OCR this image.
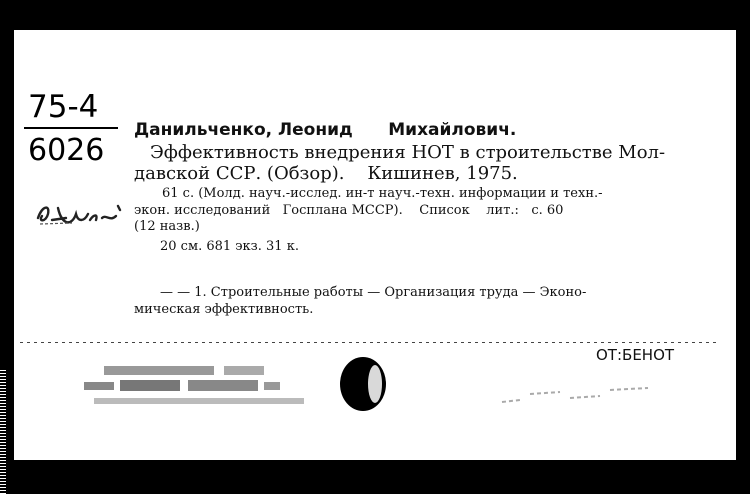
75-4
6026
Данильченко, Леонид      Михайлович.
Эффективность внедрения НОТ в строительстве Мол-
давской ССР. (Обзор).    Кишинев, 1975.
61 с. (Молд. науч.-исслед. ин-т науч.-техн. информации и техн.-
экон. исследований   Госплана МССР).    Список    лит.:   с. 60
(12 назв.)
20 см. 681 экз. 31 к.
— — 1. Строительные работы — Организация труда — Эконо-
мическая эффективность.
ОТ:БЕНОТ
